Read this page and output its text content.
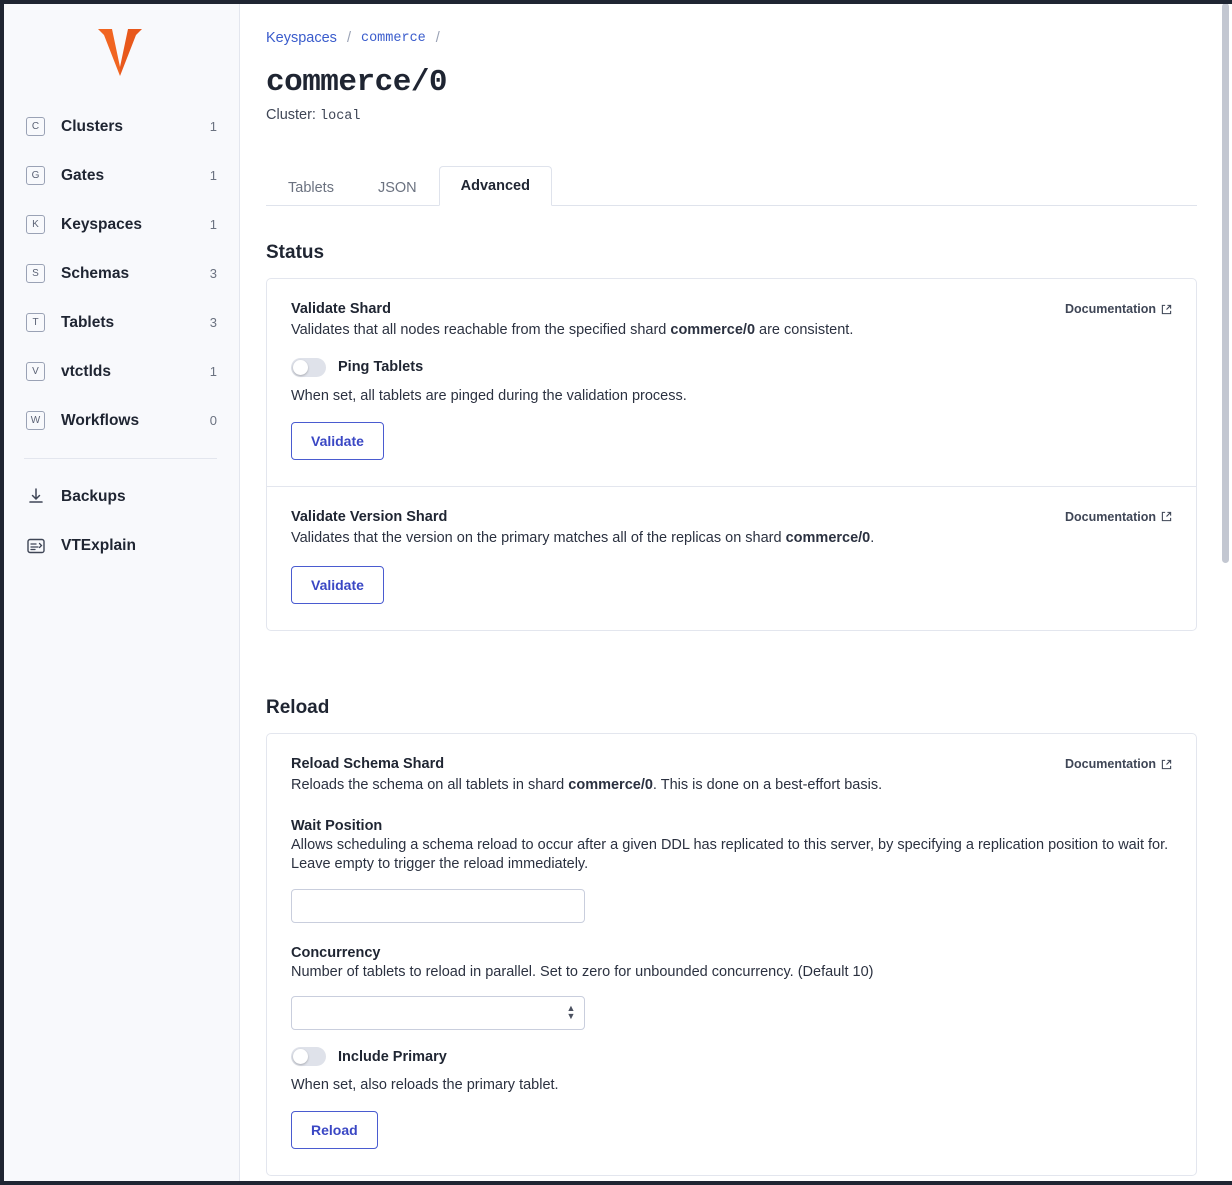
C	Clusters	1
G	Gates	1
K	Keyspaces	1
S	Schemas	3
T	Tablets	3
V	vtctlds	1
W	Workflows	0
Backups
VTExplain
Keyspaces / commerce /
commerce/0
Cluster: local
Tablets	JSON	Advanced
Status
Documentation
Validate Shard
Validates that all nodes reachable from the specified shard commerce/0 are consistent.
Ping Tablets
When set, all tablets are pinged during the validation process.
Validate
Documentation
Validate Version Shard
Validates that the version on the primary matches all of the replicas on shard commerce/0.
Validate
Reload
Documentation
Reload Schema Shard
Reloads the schema on all tablets in shard commerce/0. This is done on a best-effort basis.
Wait Position
Allows scheduling a schema reload to occur after a given DDL has replicated to this server, by specifying a replication position to wait for. Leave empty to trigger the reload immediately.
Concurrency
Number of tablets to reload in parallel. Set to zero for unbounded concurrency. (Default 10)
▲
▼
Include Primary
When set, also reloads the primary tablet.
Reload
